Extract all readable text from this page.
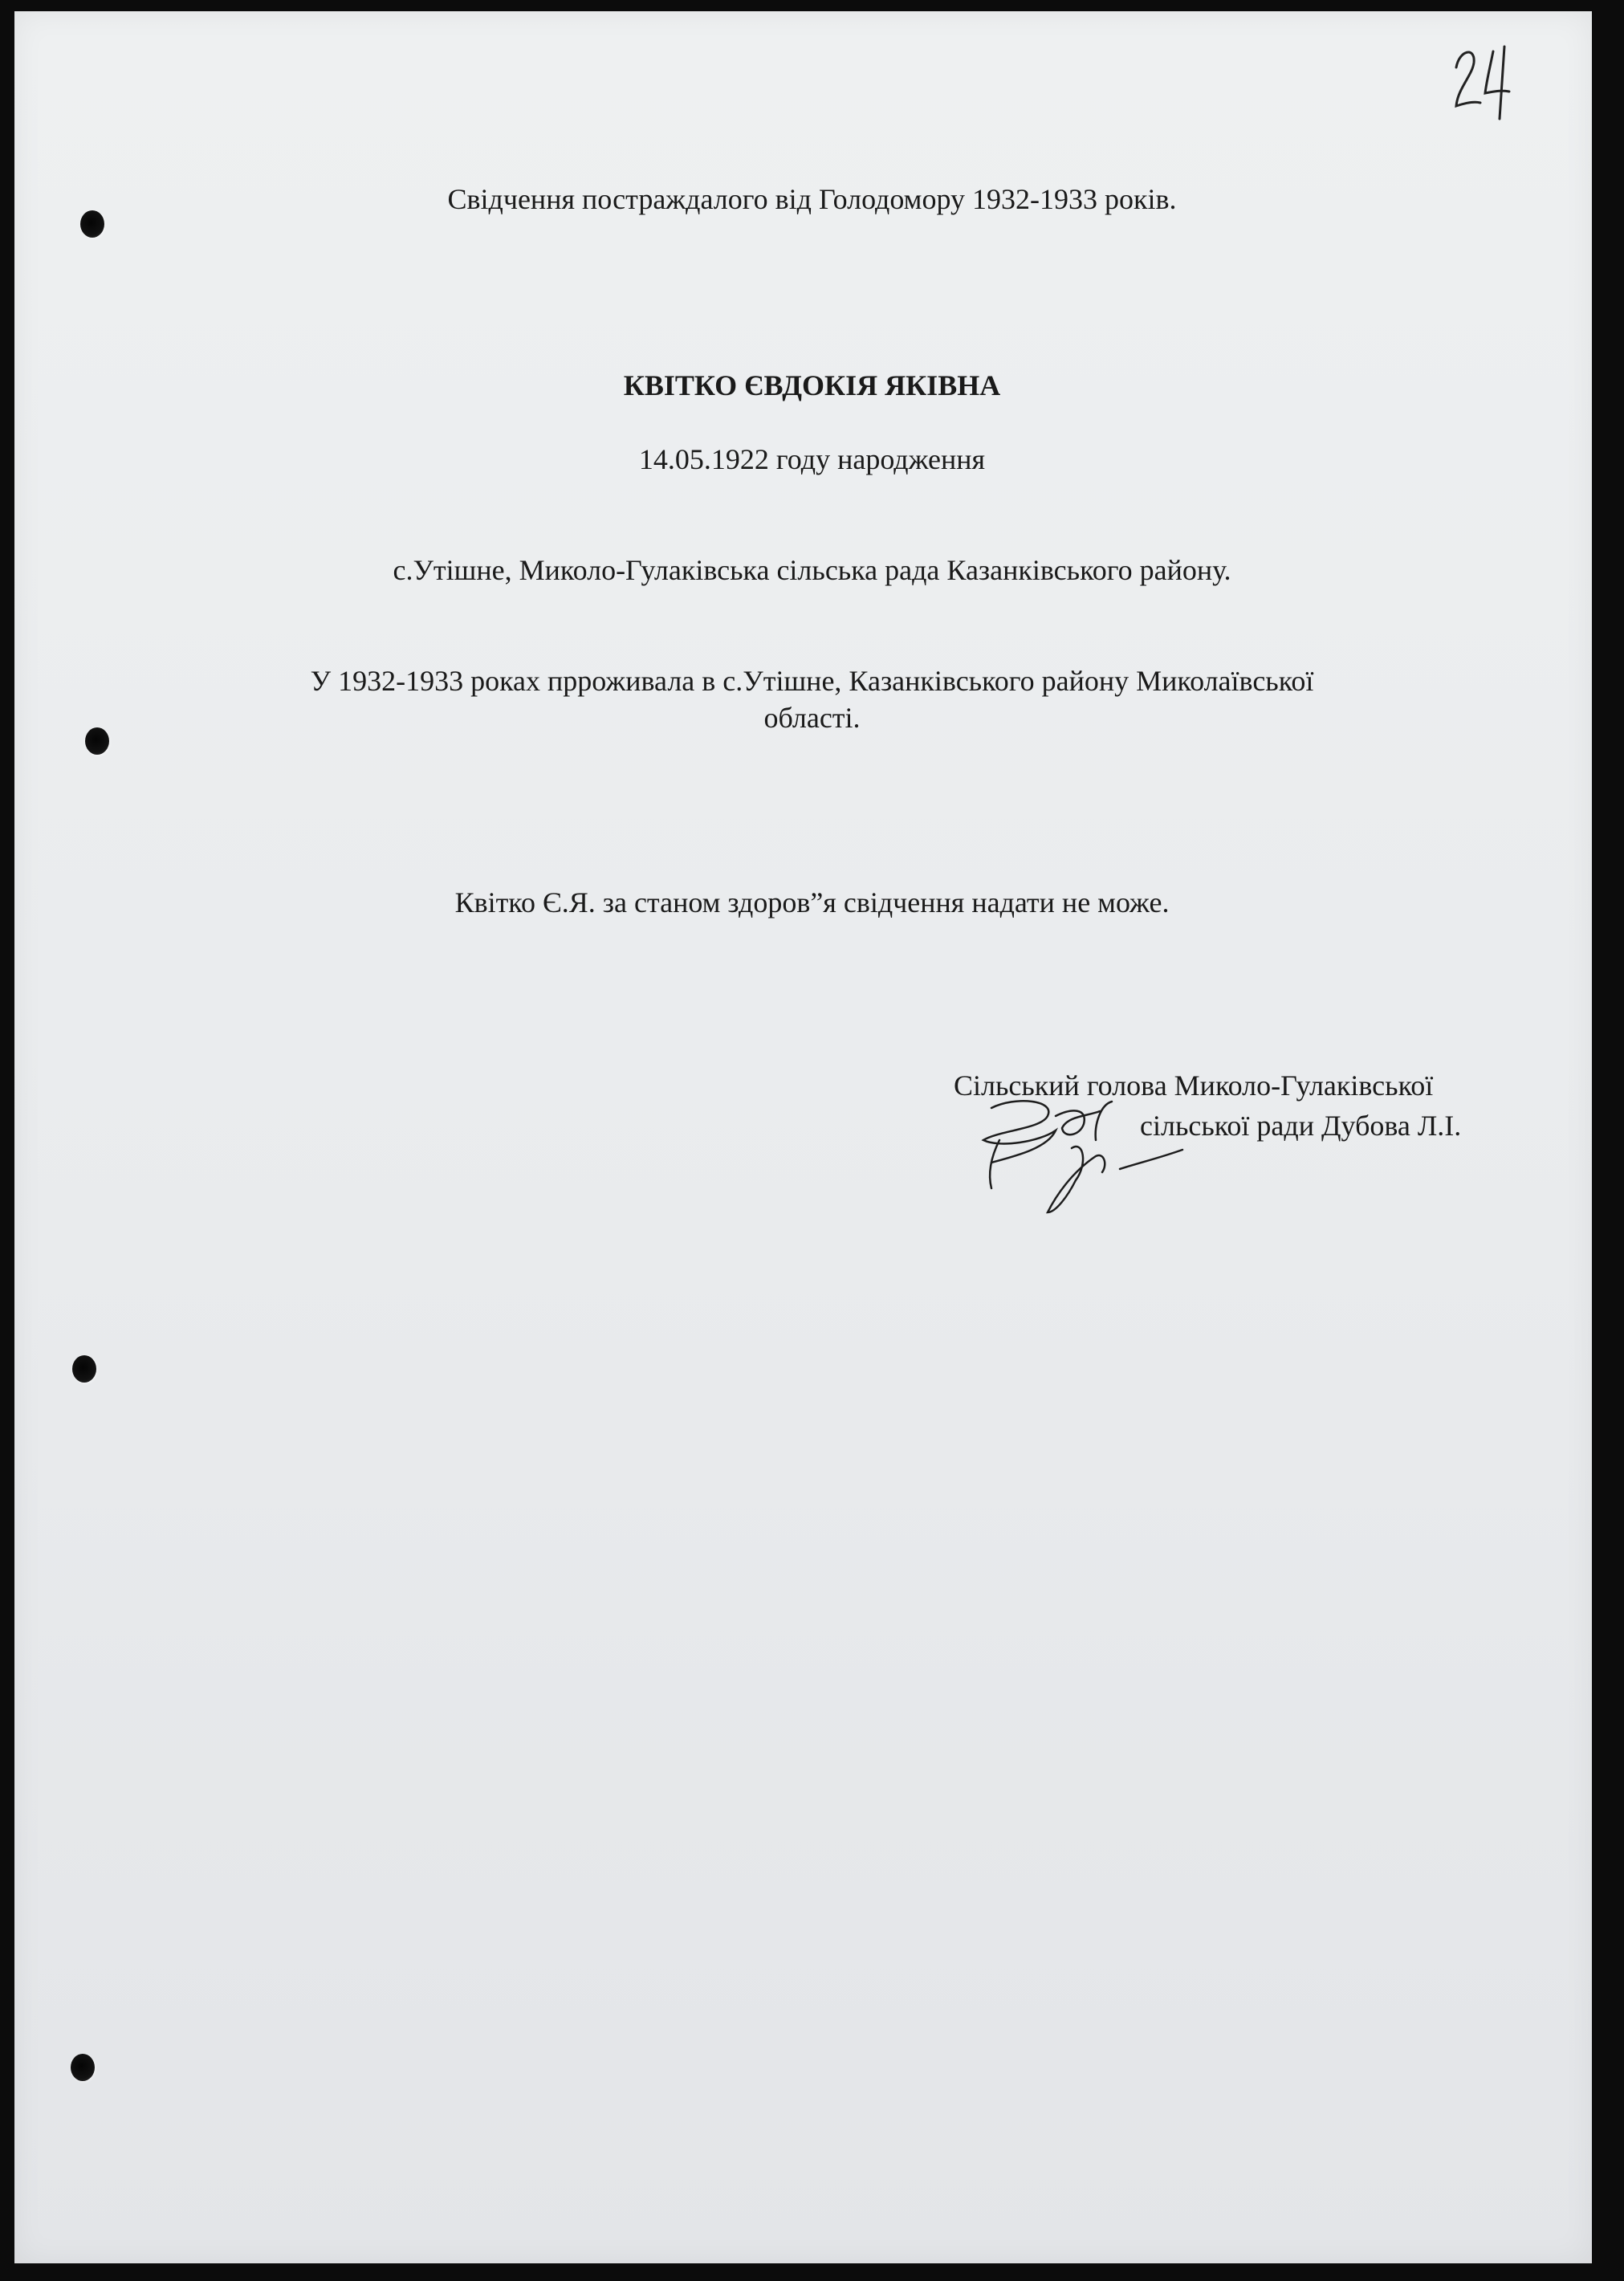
Свідчення постраждалого від Голодомору 1932-1933 років.
КВІТКО ЄВДОКІЯ ЯКІВНА
14.05.1922 году народження
с.Утішне, Миколо-Гулаківська сільська рада Казанківського району.
У 1932-1933 роках прроживала в с.Утішне, Казанківського району Миколаївської
області.
Квітко Є.Я. за станом здоров”я свідчення надати не може.
Сільський голова Миколо-Гулаківської
сільської ради Дубова Л.І.
